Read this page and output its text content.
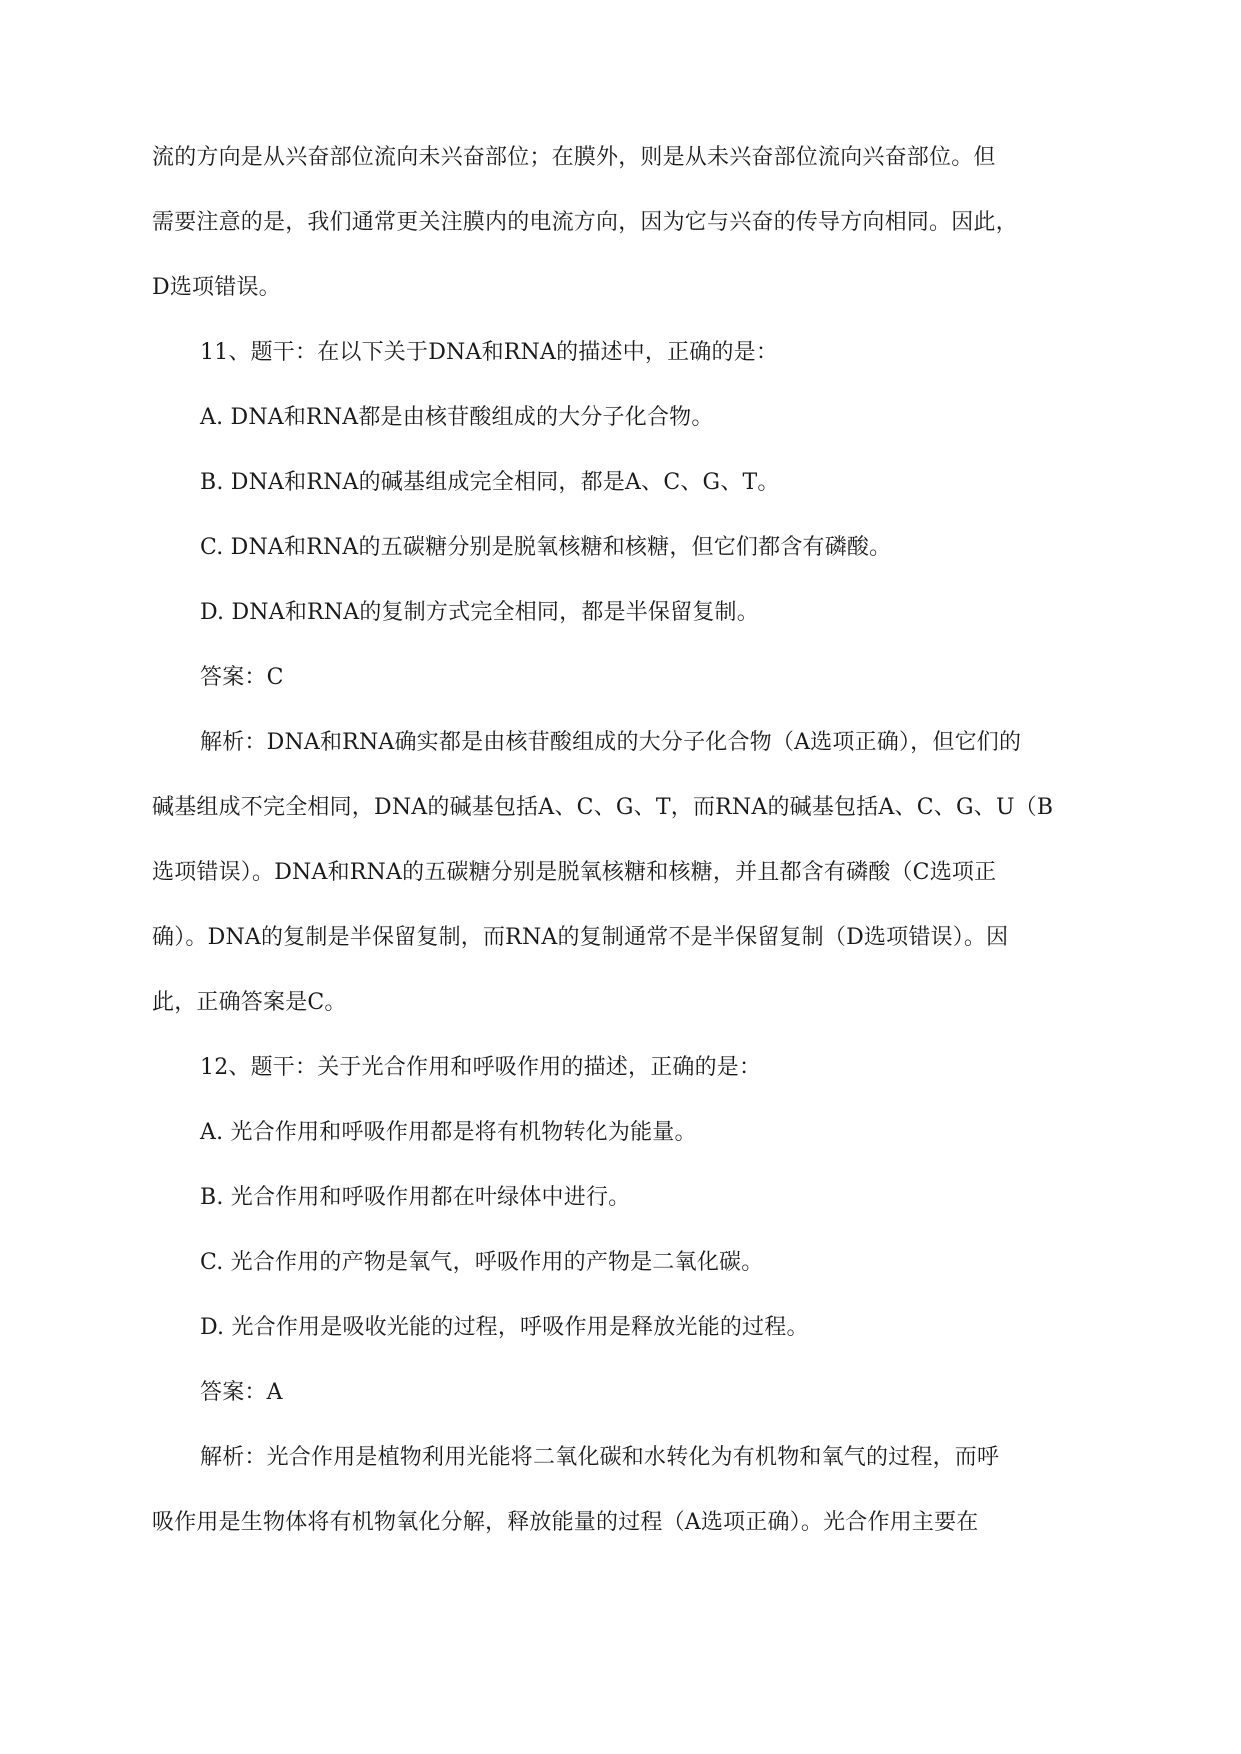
流的方向是从兴奋部位流向未兴奋部位；在膜外，则是从未兴奋部位流向兴奋部位。但
需要注意的是，我们通常更关注膜内的电流方向，因为它与兴奋的传导方向相同。因此，
D选项错误。
11、题干：在以下关于DNA和RNA的描述中，正确的是：
A. DNA和RNA都是由核苷酸组成的大分子化合物。
B. DNA和RNA的碱基组成完全相同，都是A、C、G、T。
C. DNA和RNA的五碳糖分别是脱氧核糖和核糖，但它们都含有磷酸。
D. DNA和RNA的复制方式完全相同，都是半保留复制。
答案：C
解析：DNA和RNA确实都是由核苷酸组成的大分子化合物（A选项正确），但它们的
碱基组成不完全相同，DNA的碱基包括A、C、G、T，而RNA的碱基包括A、C、G、U（B
选项错误）。DNA和RNA的五碳糖分别是脱氧核糖和核糖，并且都含有磷酸（C选项正
确）。DNA的复制是半保留复制，而RNA的复制通常不是半保留复制（D选项错误）。因
此，正确答案是C。
12、题干：关于光合作用和呼吸作用的描述，正确的是：
A. 光合作用和呼吸作用都是将有机物转化为能量。
B. 光合作用和呼吸作用都在叶绿体中进行。
C. 光合作用的产物是氧气，呼吸作用的产物是二氧化碳。
D. 光合作用是吸收光能的过程，呼吸作用是释放光能的过程。
答案：A
解析：光合作用是植物利用光能将二氧化碳和水转化为有机物和氧气的过程，而呼
吸作用是生物体将有机物氧化分解，释放能量的过程（A选项正确）。光合作用主要在
